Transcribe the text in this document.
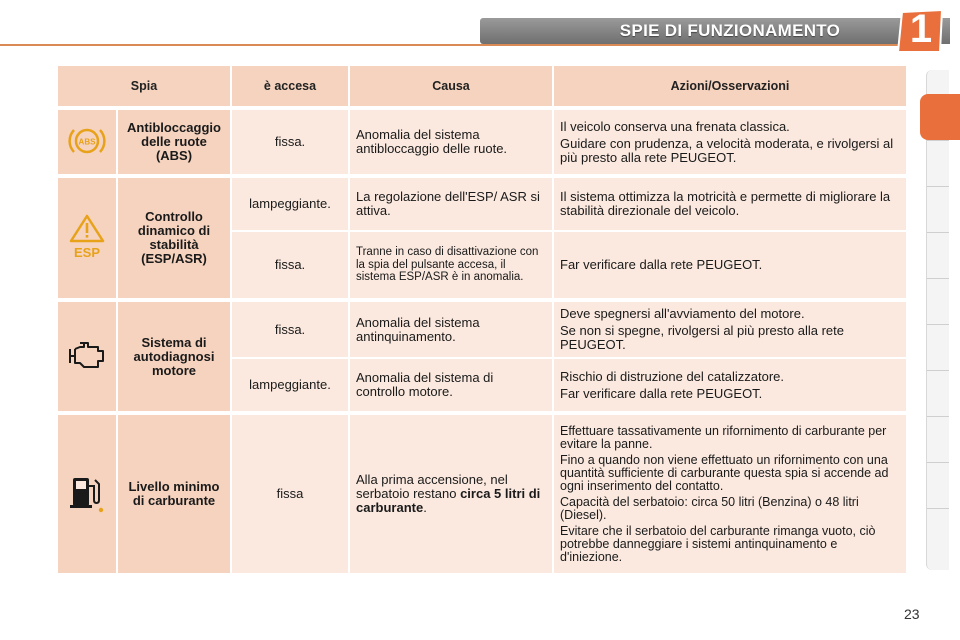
SPIE DI FUNZIONAMENTO	1
Spia		è accesa	Causa	Azioni/Osservazioni

ABS	Antibloccaggio delle ruote (ABS)	fissa.	Anomalia del sistema antibloccaggio delle ruote.	Il veicolo conserva una frenata classica.

Guidare con prudenza, a velocità moderata, e rivolgersi al più presto alla rete PEUGEOT.

ESP	Controllo dinamico di stabilità (ESP/ASR)	lampeggiante.	La regolazione dell'ESP/ ASR si attiva.	Il sistema ottimizza la motricità e permette di migliorare la stabilità direzionale del veicolo.

		fissa.	Tranne in caso di disattivazione con la spia del pulsante accesa, il sistema ESP/ASR è in anomalia.	Far verificare dalla rete PEUGEOT.

	Sistema di autodiagnosi motore	fissa.	Anomalia del sistema antinquinamento.	Deve spegnersi all'avviamento del motore.

Se non si spegne, rivolgersi al più presto alla rete PEUGEOT.

		lampeggiante.	Anomalia del sistema di controllo motore.	Rischio di distruzione del catalizzatore.

Far verificare dalla rete PEUGEOT.

	Livello minimo di carburante	fissa	Alla prima accensione, nel serbatoio restano circa 5 litri di carburante.	Effettuare tassativamente un rifornimento di carburante per evitare la panne.

Fino a quando non viene effettuato un rifornimento con una quantità sufficiente di carburante questa spia si accende ad ogni inserimento del contatto.

Capacità del serbatoio: circa 50 litri (Benzina) o 48 litri (Diesel).

Evitare che il serbatoio del carburante rimanga vuoto, ciò potrebbe danneggiare i sistemi antinquinamento e d'iniezione.

23
